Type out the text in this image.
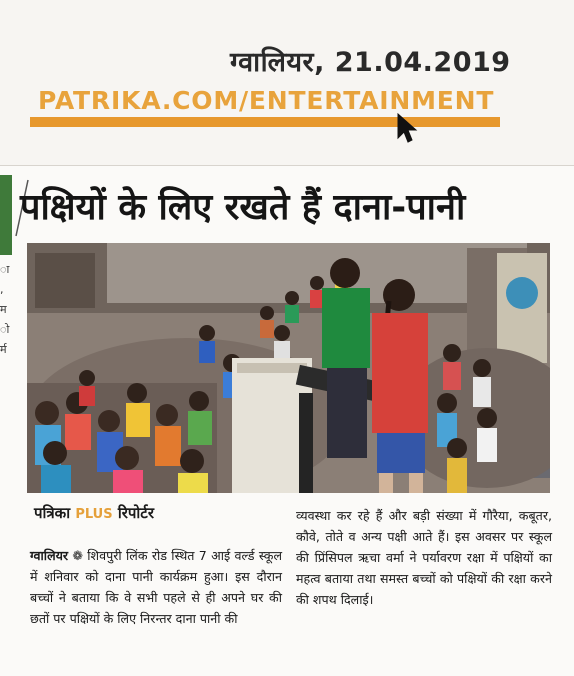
ग्वालियर, 21.04.2019
PATRIKA.COM/ENTERTAINMENT
ा
,
म
ो
र्म
पक्षियों के लिए रखते हैं दाना-पानी
पत्रिका PLUS रिपोर्टर
ग्वालियर ❁ शिवपुरी लिंक रोड स्थित 7 आई वर्ल्ड स्कूल में शनिवार को दाना पानी कार्यक्रम हुआ। इस दौरान बच्चों ने बताया कि वे सभी पहले से ही अपने घर की छतों पर पक्षियों के लिए निरन्तर दाना पानी की
व्यवस्था कर रहे हैं और बड़ी संख्या में गौरैया, कबूतर, कौवे, तोते व अन्य पक्षी आते हैं। इस अवसर पर स्कूल की प्रिंसिपल ऋचा वर्मा ने पर्यावरण रक्षा में पक्षियों का महत्व बताया तथा समस्त बच्चों को पक्षियों की रक्षा करने की शपथ दिलाई।
